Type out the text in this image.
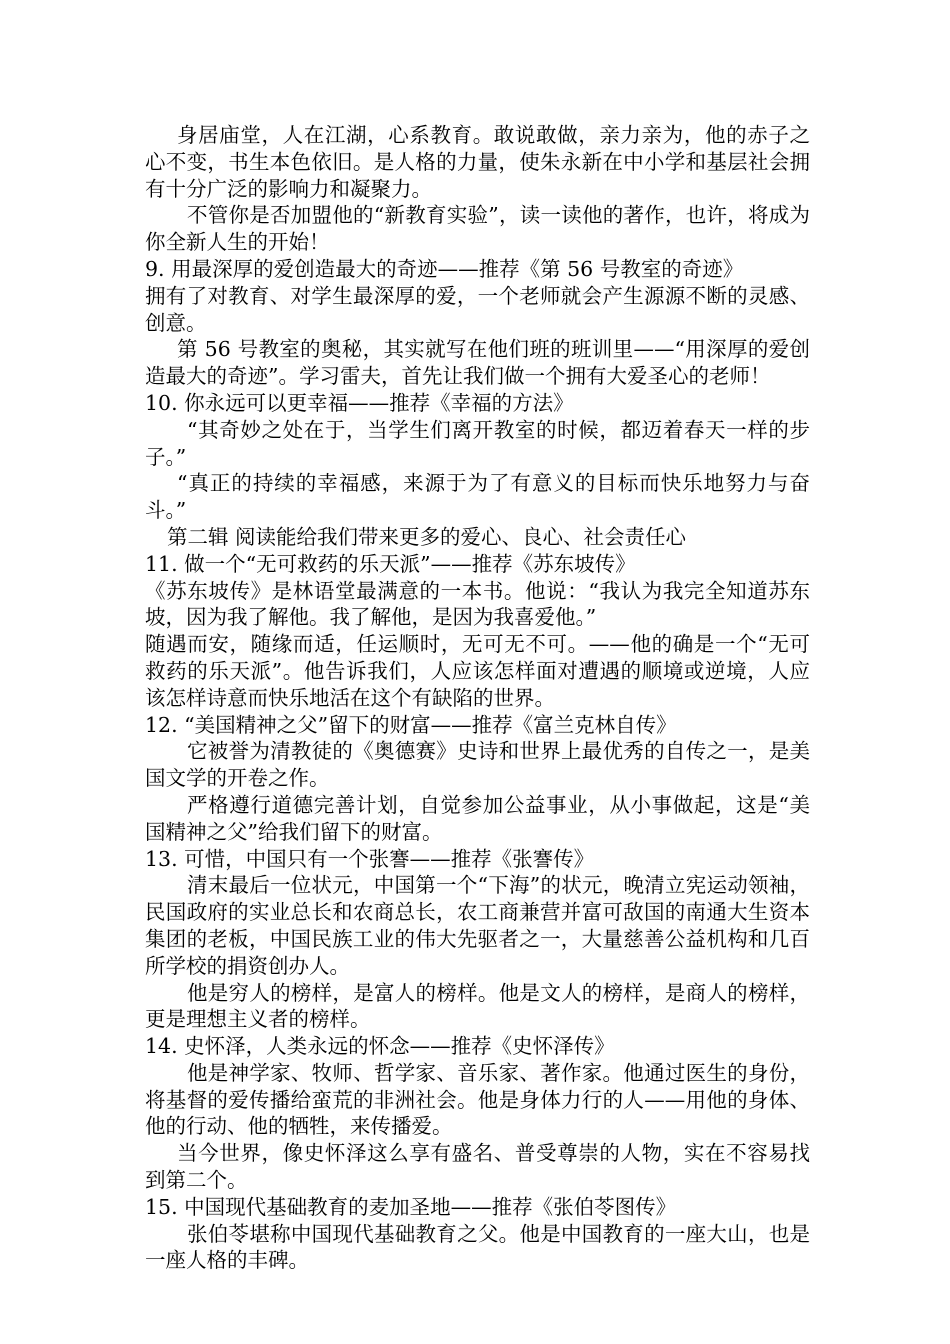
身居庙堂，人在江湖，心系教育。敢说敢做，亲力亲为，他的赤子之心不变，书生本色依旧。是人格的力量，使朱永新在中小学和基层社会拥有十分广泛的影响力和凝聚力。

不管你是否加盟他的“新教育实验”，读一读他的著作，也许，将成为你全新人生的开始！

9. 用最深厚的爱创造最大的奇迹——推荐《第 56 号教室的奇迹》

拥有了对教育、对学生最深厚的爱，一个老师就会产生源源不断的灵感、创意。

第 56 号教室的奥秘，其实就写在他们班的班训里——“用深厚的爱创造最大的奇迹”。学习雷夫，首先让我们做一个拥有大爱圣心的老师！

10. 你永远可以更幸福——推荐《幸福的方法》

“其奇妙之处在于，当学生们离开教室的时候，都迈着春天一样的步子。”

“真正的持续的幸福感，来源于为了有意义的目标而快乐地努力与奋斗。”

第二辑 阅读能给我们带来更多的爱心、良心、社会责任心

11. 做一个“无可救药的乐天派”——推荐《苏东坡传》

《苏东坡传》是林语堂最满意的一本书。他说：“我认为我完全知道苏东坡，因为我了解他。我了解他，是因为我喜爱他。”

随遇而安，随缘而适，任运顺时，无可无不可。——他的确是一个“无可救药的乐天派”。他告诉我们，人应该怎样面对遭遇的顺境或逆境，人应该怎样诗意而快乐地活在这个有缺陷的世界。

12. “美国精神之父”留下的财富——推荐《富兰克林自传》

它被誉为清教徒的《奥德赛》史诗和世界上最优秀的自传之一，是美国文学的开卷之作。

严格遵行道德完善计划，自觉参加公益事业，从小事做起，这是“美国精神之父”给我们留下的财富。

13. 可惜，中国只有一个张謇——推荐《张謇传》

清末最后一位状元，中国第一个“下海”的状元，晚清立宪运动领袖，民国政府的实业总长和农商总长，农工商兼营并富可敌国的南通大生资本集团的老板，中国民族工业的伟大先驱者之一，大量慈善公益机构和几百所学校的捐资创办人。

他是穷人的榜样，是富人的榜样。他是文人的榜样，是商人的榜样，更是理想主义者的榜样。

14. 史怀泽，人类永远的怀念——推荐《史怀泽传》

他是神学家、牧师、哲学家、音乐家、著作家。他通过医生的身份，将基督的爱传播给蛮荒的非洲社会。他是身体力行的人——用他的身体、他的行动、他的牺牲，来传播爱。

当今世界，像史怀泽这么享有盛名、普受尊崇的人物，实在不容易找到第二个。

15. 中国现代基础教育的麦加圣地——推荐《张伯苓图传》

张伯苓堪称中国现代基础教育之父。他是中国教育的一座大山，也是一座人格的丰碑。
